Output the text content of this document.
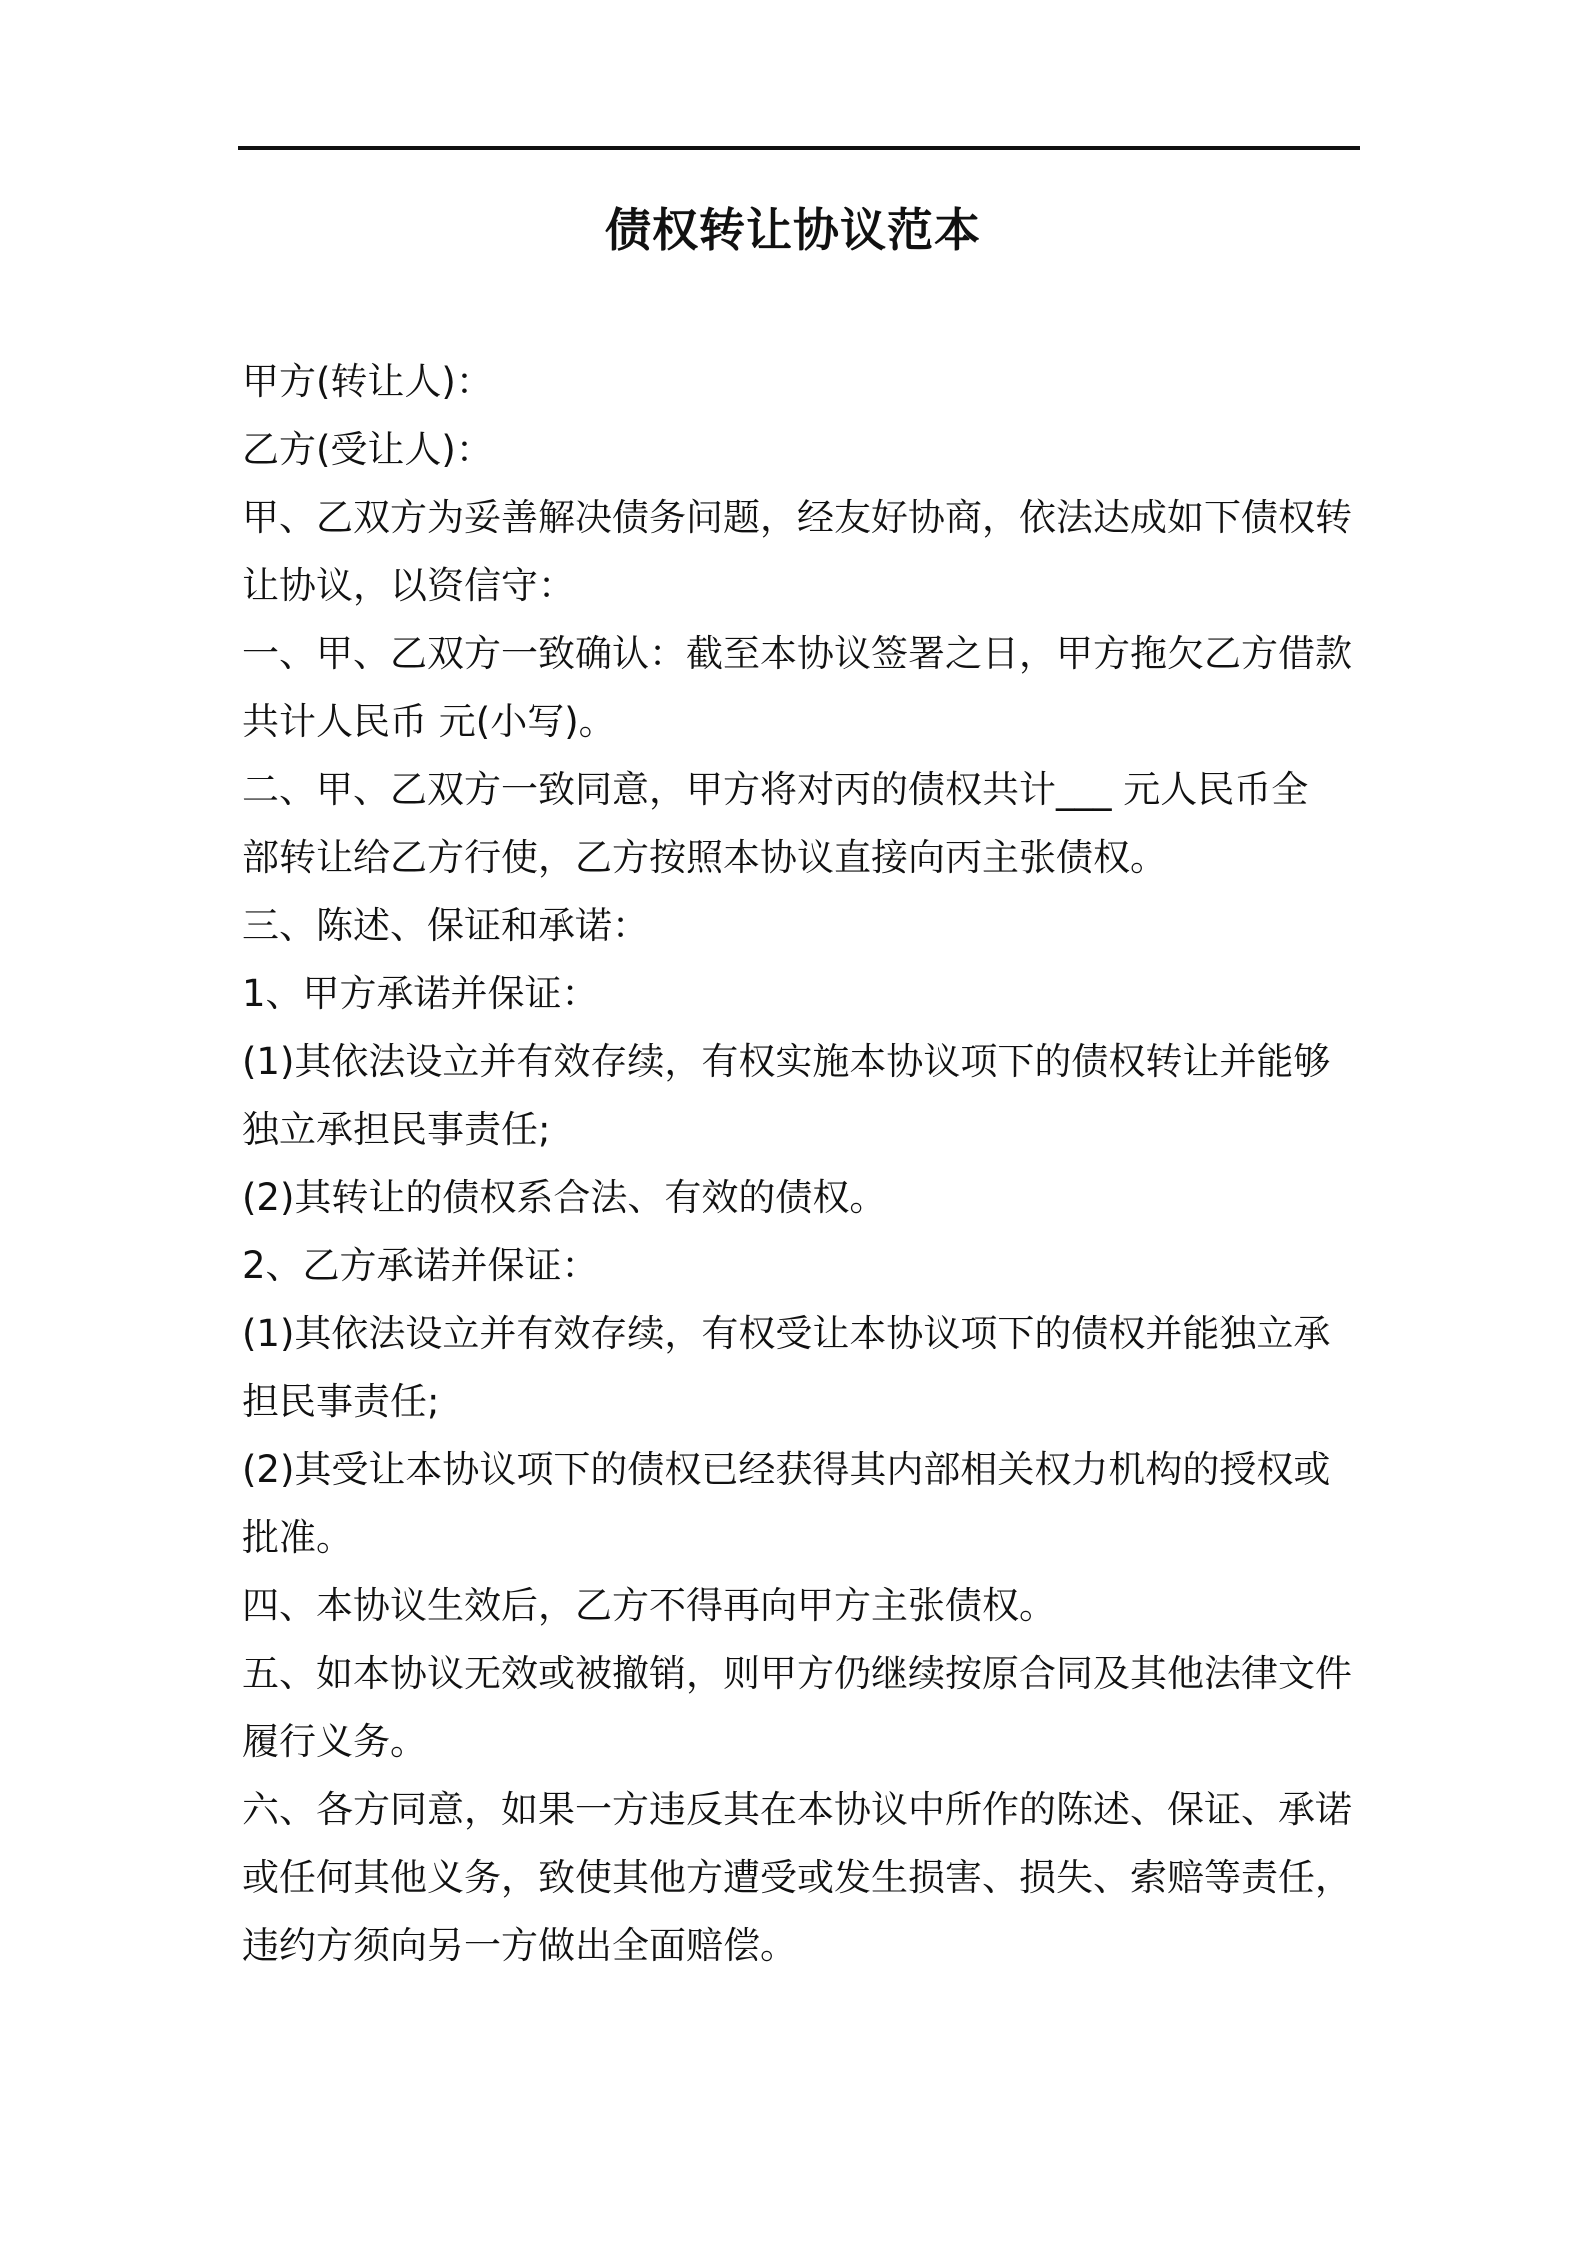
债权转让协议范本
甲方(转让人)：
乙方(受让人)：
甲、乙双方为妥善解决债务问题，经友好协商，依法达成如下债权转
让协议，以资信守：
一、甲、乙双方一致确认：截至本协议签署之日，甲方拖欠乙方借款
共计人民币 元(小写)。
二、甲、乙双方一致同意，甲方将对丙的债权共计___ 元人民币全
部转让给乙方行使，乙方按照本协议直接向丙主张债权。
三、陈述、保证和承诺：
1、甲方承诺并保证：
(1)其依法设立并有效存续，有权实施本协议项下的债权转让并能够
独立承担民事责任;
(2)其转让的债权系合法、有效的债权。
2、乙方承诺并保证：
(1)其依法设立并有效存续，有权受让本协议项下的债权并能独立承
担民事责任;
(2)其受让本协议项下的债权已经获得其内部相关权力机构的授权或
批准。
四、本协议生效后，乙方不得再向甲方主张债权。
五、如本协议无效或被撤销，则甲方仍继续按原合同及其他法律文件
履行义务。
六、各方同意，如果一方违反其在本协议中所作的陈述、保证、承诺
或任何其他义务，致使其他方遭受或发生损害、损失、索赔等责任，
违约方须向另一方做出全面赔偿。
